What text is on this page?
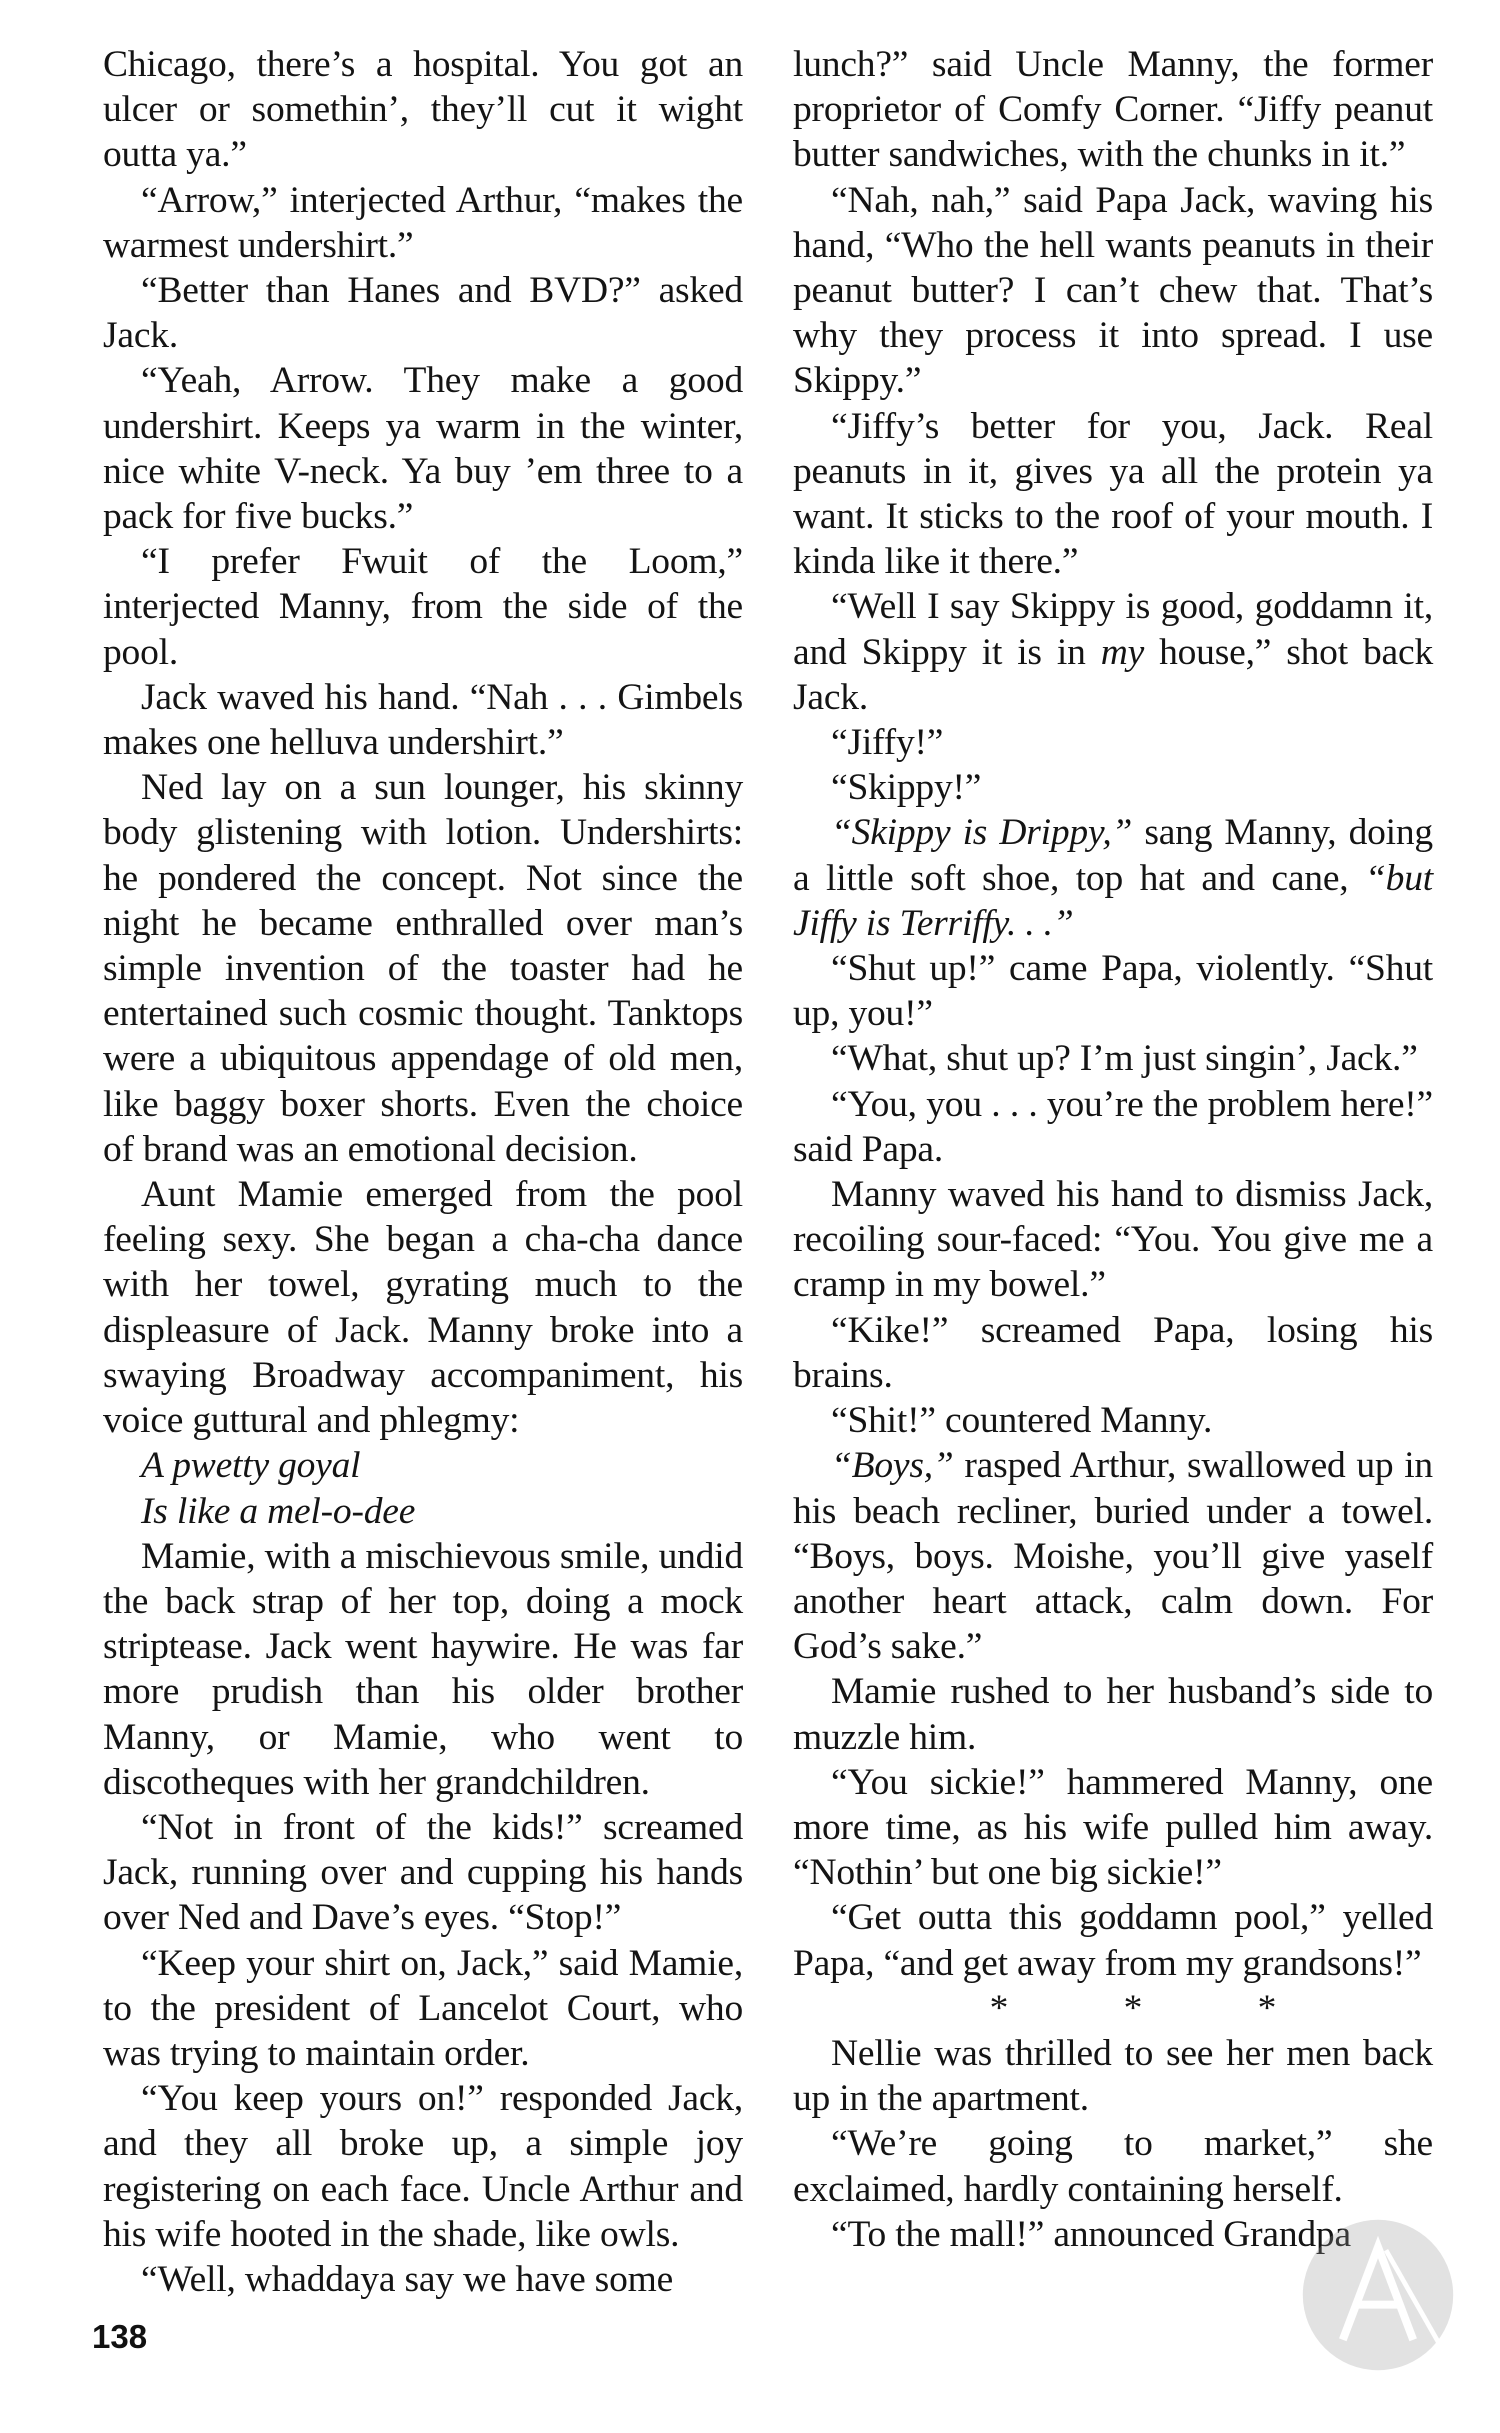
Chicago, there’s a hospital. You got an ulcer or somethin’, they’ll cut it wight outta ya.”

“Arrow,” interjected Arthur, “makes the warmest undershirt.”

“Better than Hanes and BVD?” asked Jack.

“Yeah, Arrow. They make a good undershirt. Keeps ya warm in the winter, nice white V-neck. Ya buy ’em three to a pack for five bucks.”

“I prefer Fwuit of the Loom,” interjected Manny, from the side of the pool.

Jack waved his hand. “Nah . . . Gimbels makes one helluva undershirt.”

Ned lay on a sun lounger, his skinny body glistening with lotion. Undershirts: he pondered the concept. Not since the night he became enthralled over man’s simple invention of the toaster had he entertained such cosmic thought. Tanktops were a ubiquitous appendage of old men, like baggy boxer shorts. Even the choice of brand was an emotional decision.

Aunt Mamie emerged from the pool feeling sexy. She began a cha-cha dance with her towel, gyrating much to the displeasure of Jack. Manny broke into a swaying Broadway accompaniment, his voice guttural and phlegmy:

A pwetty goyal

Is like a mel-o-dee

Mamie, with a mischievous smile, undid the back strap of her top, doing a mock striptease. Jack went haywire. He was far more prudish than his older brother Manny, or Mamie, who went to discotheques with her grandchildren.

“Not in front of the kids!” screamed Jack, running over and cupping his hands over Ned and Dave’s eyes. “Stop!”

“Keep your shirt on, Jack,” said Mamie, to the president of Lancelot Court, who was trying to maintain order.

“You keep yours on!” responded Jack, and they all broke up, a simple joy registering on each face. Uncle Arthur and his wife hooted in the shade, like owls.

“Well, whaddaya say we have some

lunch?” said Uncle Manny, the former proprietor of Comfy Corner. “Jiffy peanut butter sandwiches, with the chunks in it.”

“Nah, nah,” said Papa Jack, waving his hand, “Who the hell wants peanuts in their peanut butter? I can’t chew that. That’s why they process it into spread. I use Skippy.”

“Jiffy’s better for you, Jack. Real peanuts in it, gives ya all the protein ya want. It sticks to the roof of your mouth. I kinda like it there.”

“Well I say Skippy is good, goddamn it, and Skippy it is in my house,” shot back Jack.

“Jiffy!”

“Skippy!”

“Skippy is Drippy,” sang Manny, doing a little soft shoe, top hat and cane, “but Jiffy is Terriffy. . .”

“Shut up!” came Papa, violently. “Shut up, you!”

“What, shut up? I’m just singin’, Jack.”

“You, you . . . you’re the problem here!” said Papa.

Manny waved his hand to dismiss Jack, recoiling sour-faced: “You. You give me a cramp in my bowel.”

“Kike!” screamed Papa, losing his brains.

“Shit!” countered Manny.

“Boys,” rasped Arthur, swallowed up in his beach recliner, buried under a towel. “Boys, boys. Moishe, you’ll give yaself another heart attack, calm down. For God’s sake.”

Mamie rushed to her husband’s side to muzzle him.

“You sickie!” hammered Manny, one more time, as his wife pulled him away. “Nothin’ but one big sickie!”

“Get outta this goddamn pool,” yelled Papa, “and get away from my grandsons!”

*	*	*

Nellie was thrilled to see her men back up in the apartment.

“We’re going to market,” she exclaimed, hardly containing herself.

“To the mall!” announced Grandpa

138
